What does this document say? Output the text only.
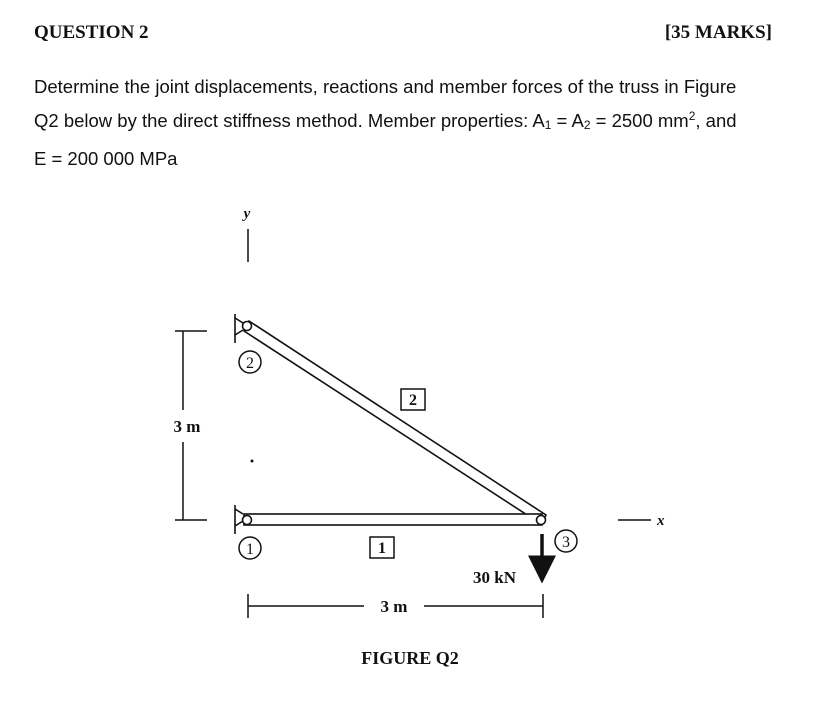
QUESTION 2	[35 MARKS]
Determine the joint displacements, reactions and member forces of the truss in Figure
Q2 below by the direct stiffness method. Member properties: $A_1 = A_2 = 2500$ $mm^2$, and
E = 200 000 MPa
y
x
2
1	3
2
1
30 kN
3 m
3 m
FIGURE Q2
